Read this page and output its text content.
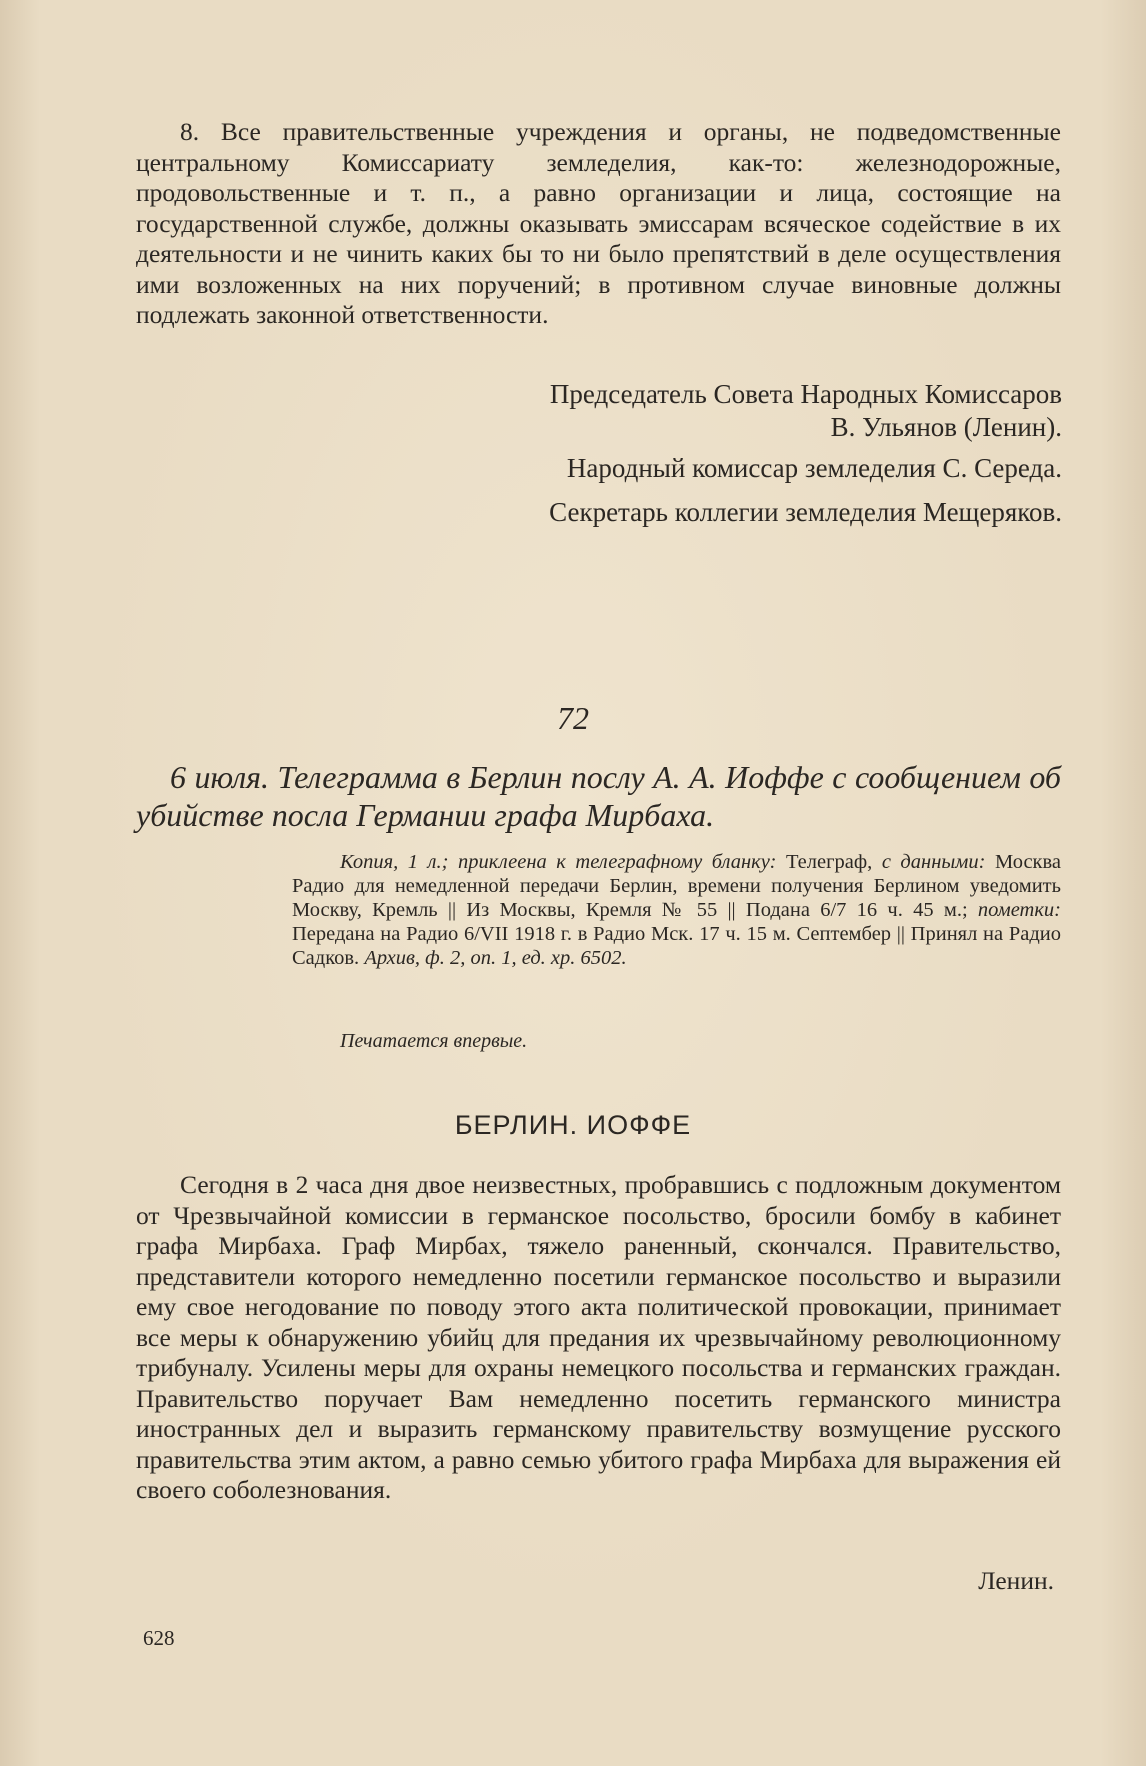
8. Все правительственные учреждения и органы, не подведомственные центральному Комиссариату земледелия, как-то: железнодорожные, продовольственные и т. п., а равно организации и лица, состоящие на государственной службе, должны оказывать эмиссарам всяческое содействие в их деятельности и не чинить каких бы то ни было препятствий в деле осуществления ими возложенных на них поручений; в противном случае виновные должны подлежать законной ответственности.

Председатель Совета Народных Комиссаров
В. Ульянов (Ленин).
Народный комиссар земледелия С. Середа.
Секретарь коллегии земледелия Мещеряков.

72

6 июля. Телеграмма в Берлин послу А. А. Иоффе с сообщением об убийстве посла Германии графа Мирбаха.

Копия, 1 л.; приклеена к телеграфному бланку: Телеграф, с данными: Москва Радио для немедленной передачи Берлин, времени получения Берлином уведомить Москву, Кремль || Из Москвы, Кремля № 55 || Подана 6/7 16 ч. 45 м.; пометки: Передана на Радио 6/VII 1918 г. в Радио Мск. 17 ч. 15 м. Септембер || Принял на Радио Садков. Архив, ф. 2, оп. 1, ед. хр. 6502.

Печатается впервые.

БЕРЛИН. ИОФФЕ

Сегодня в 2 часа дня двое неизвестных, пробравшись с подложным документом от Чрезвычайной комиссии в германское посольство, бросили бомбу в кабинет графа Мирбаха. Граф Мирбах, тяжело раненный, скончался. Правительство, представители которого немедленно посетили германское посольство и выразили ему свое негодование по поводу этого акта политической провокации, принимает все меры к обнаружению убийц для предания их чрезвычайному революционному трибуналу. Усилены меры для охраны немецкого посольства и германских граждан. Правительство поручает Вам немедленно посетить германского министра иностранных дел и выразить германскому правительству возмущение русского правительства этим актом, а равно семью убитого графа Мирбаха для выражения ей своего соболезнования.

Ленин.

628
